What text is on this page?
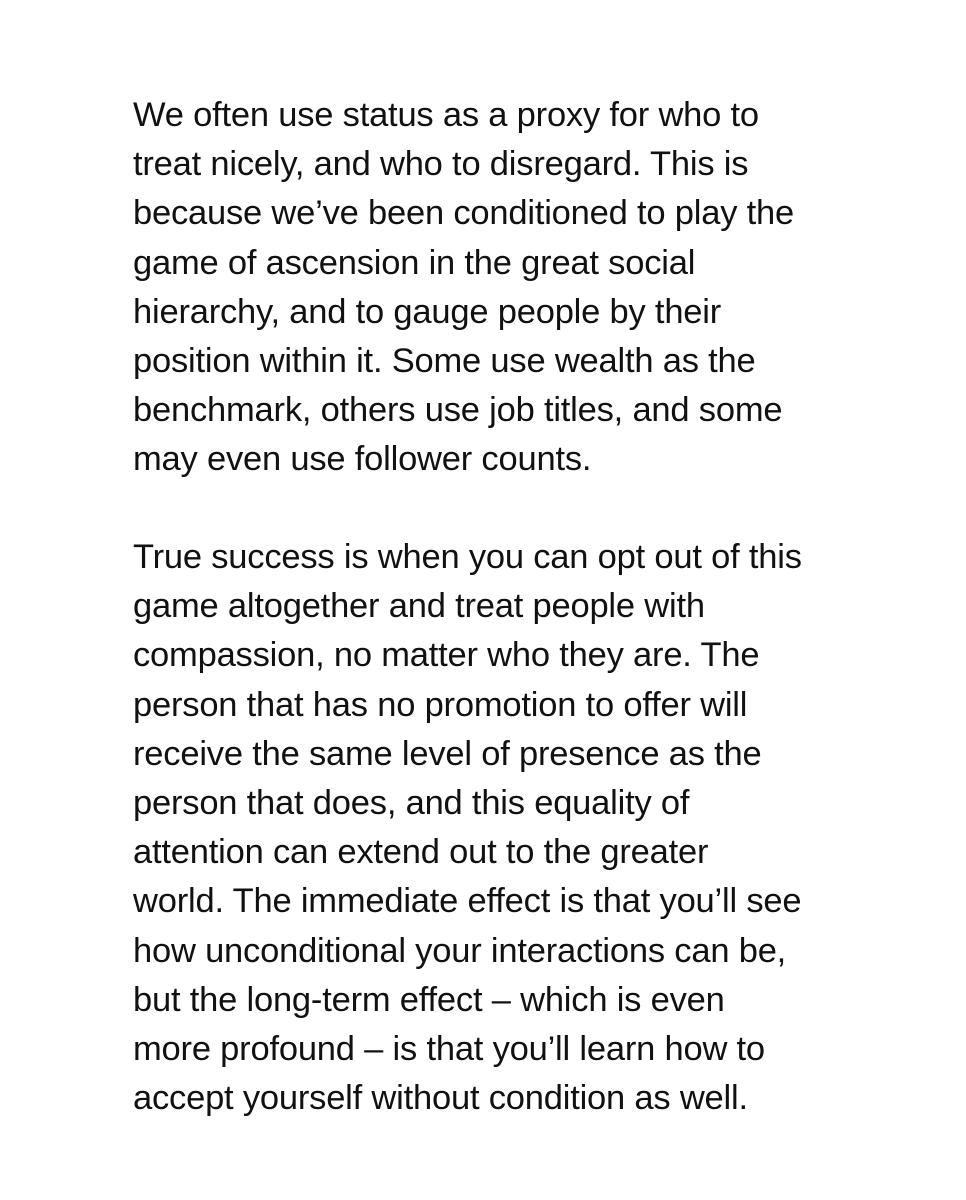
We often use status as a proxy for who to
treat nicely, and who to disregard. This is
because we’ve been conditioned to play the
game of ascension in the great social
hierarchy, and to gauge people by their
position within it. Some use wealth as the
benchmark, others use job titles, and some
may even use follower counts.
True success is when you can opt out of this
game altogether and treat people with
compassion, no matter who they are. The
person that has no promotion to offer will
receive the same level of presence as the
person that does, and this equality of
attention can extend out to the greater
world. The immediate effect is that you’ll see
how unconditional your interactions can be,
but the long-term effect – which is even
more profound – is that you’ll learn how to
accept yourself without condition as well.
